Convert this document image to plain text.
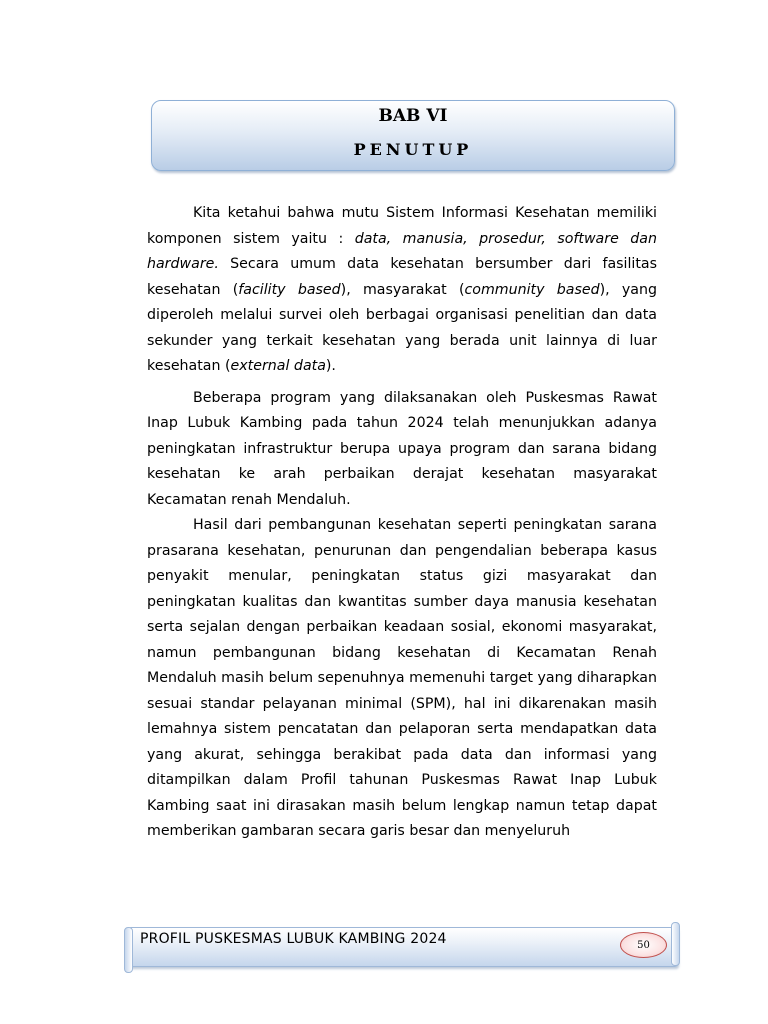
BAB VI
PENUTUP

Kita ketahui bahwa mutu Sistem Informasi Kesehatan memiliki komponen sistem yaitu : data, manusia, prosedur, software dan hardware. Secara umum data kesehatan bersumber dari fasilitas kesehatan (facility based), masyarakat (community based), yang diperoleh melalui survei oleh berbagai organisasi penelitian dan data sekunder yang terkait kesehatan yang berada unit lainnya di luar kesehatan (external data).

Beberapa program yang dilaksanakan oleh Puskesmas Rawat Inap Lubuk Kambing pada tahun 2024 telah menunjukkan adanya peningkatan infrastruktur berupa upaya program dan sarana bidang kesehatan ke arah perbaikan derajat kesehatan masyarakat Kecamatan renah Mendaluh.

Hasil dari pembangunan kesehatan seperti peningkatan sarana prasarana kesehatan, penurunan dan pengendalian beberapa kasus penyakit menular, peningkatan status gizi masyarakat dan peningkatan kualitas dan kwantitas sumber daya manusia kesehatan serta sejalan dengan perbaikan keadaan sosial, ekonomi masyarakat, namun pembangunan bidang kesehatan di Kecamatan Renah Mendaluh masih belum sepenuhnya memenuhi target yang diharapkan sesuai standar pelayanan minimal (SPM), hal ini dikarenakan masih lemahnya sistem pencatatan dan pelaporan serta mendapatkan data yang akurat, sehingga berakibat pada data dan informasi yang ditampilkan dalam Profil tahunan Puskesmas Rawat Inap Lubuk Kambing saat ini dirasakan masih belum lengkap namun tetap dapat memberikan gambaran secara garis besar dan menyeluruh

PROFIL PUSKESMAS LUBUK KAMBING 2024	50
